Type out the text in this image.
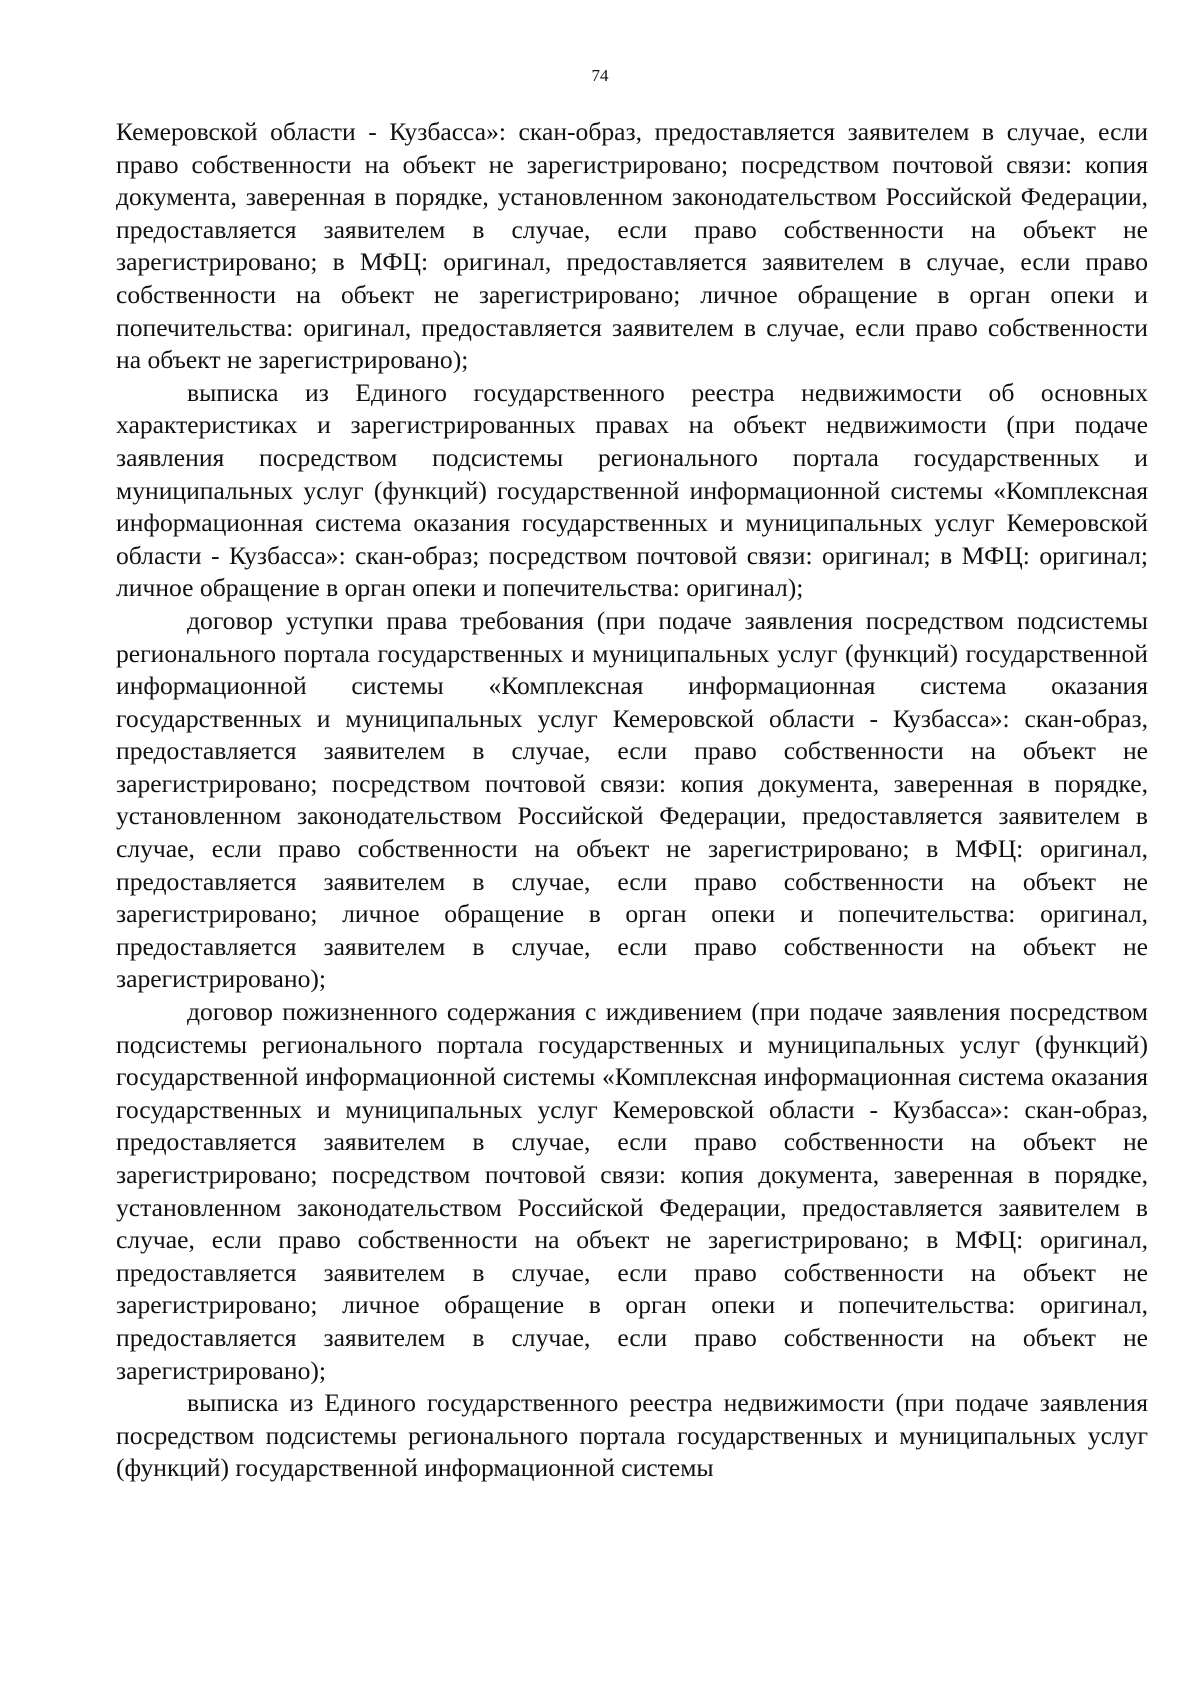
74

Кемеровской области - Кузбасса»: скан-образ, предоставляется заявителем в случае, если право собственности на объект не зарегистрировано; посредством почтовой связи: копия документа, заверенная в порядке, установленном законодательством Российской Федерации, предоставляется заявителем в случае, если право собственности на объект не зарегистрировано; в МФЦ: оригинал, предоставляется заявителем в случае, если право собственности на объект не зарегистрировано; личное обращение в орган опеки и попечительства: оригинал, предоставляется заявителем в случае, если право собственности на объект не зарегистрировано);

выписка из Единого государственного реестра недвижимости об основных характеристиках и зарегистрированных правах на объект недвижимости (при подаче заявления посредством подсистемы регионального портала государственных и муниципальных услуг (функций) государственной информационной системы «Комплексная информационная система оказания государственных и муниципальных услуг Кемеровской области - Кузбасса»: скан-образ; посредством почтовой связи: оригинал; в МФЦ: оригинал; личное обращение в орган опеки и попечительства: оригинал);

договор уступки права требования (при подаче заявления посредством подсистемы регионального портала государственных и муниципальных услуг (функций) государственной информационной системы «Комплексная информационная система оказания государственных и муниципальных услуг Кемеровской области - Кузбасса»: скан-образ, предоставляется заявителем в случае, если право собственности на объект не зарегистрировано; посредством почтовой связи: копия документа, заверенная в порядке, установленном законодательством Российской Федерации, предоставляется заявителем в случае, если право собственности на объект не зарегистрировано; в МФЦ: оригинал, предоставляется заявителем в случае, если право собственности на объект не зарегистрировано; личное обращение в орган опеки и попечительства: оригинал, предоставляется заявителем в случае, если право собственности на объект не зарегистрировано);

договор пожизненного содержания с иждивением (при подаче заявления посредством подсистемы регионального портала государственных и муниципальных услуг (функций) государственной информационной системы «Комплексная информационная система оказания государственных и муниципальных услуг Кемеровской области - Кузбасса»: скан-образ, предоставляется заявителем в случае, если право собственности на объект не зарегистрировано; посредством почтовой связи: копия документа, заверенная в порядке, установленном законодательством Российской Федерации, предоставляется заявителем в случае, если право собственности на объект не зарегистрировано; в МФЦ: оригинал, предоставляется заявителем в случае, если право собственности на объект не зарегистрировано; личное обращение в орган опеки и попечительства: оригинал, предоставляется заявителем в случае, если право собственности на объект не зарегистрировано);

выписка из Единого государственного реестра недвижимости (при подаче заявления посредством подсистемы регионального портала государственных и муниципальных услуг (функций) государственной информационной системы
